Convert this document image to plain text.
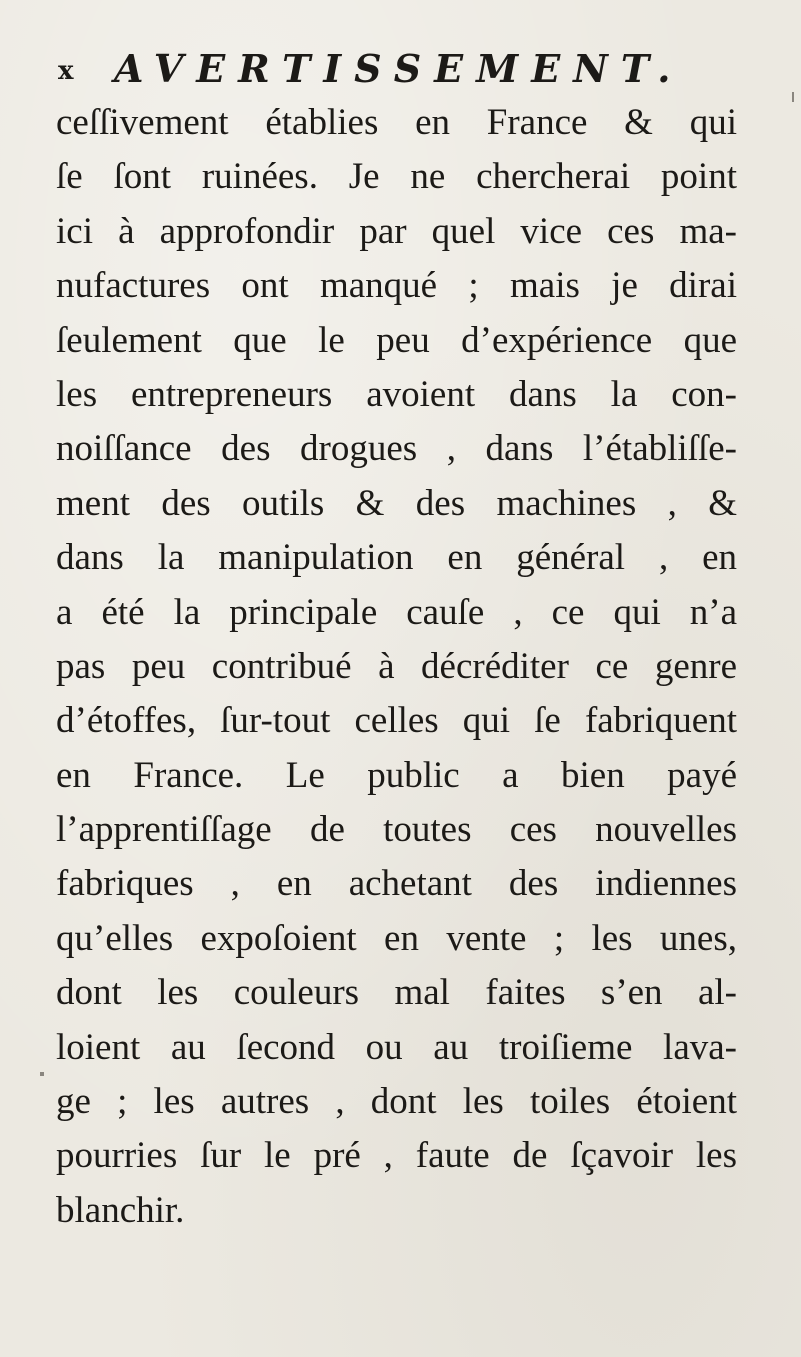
x AVERTISSEMENT.
ceſſivement établies en France & qui
ſe ſont ruinées. Je ne chercherai point
ici à approfondir par quel vice ces ma-
nufactures ont manqué ; mais je dirai
ſeulement que le peu d’expérience que
les entrepreneurs avoient dans la con-
noiſſance des drogues , dans l’établiſſe-
ment des outils & des machines , &
dans la manipulation en général , en
a été la principale cauſe , ce qui n’a
pas peu contribué à décréditer ce genre
d’étoffes, ſur-tout celles qui ſe fabriquent
en France. Le public a bien payé
l’apprentiſſage de toutes ces nouvelles
fabriques , en achetant des indiennes
qu’elles expoſoient en vente ; les unes,
dont les couleurs mal faites s’en al-
loient au ſecond ou au troiſieme lava-
ge ; les autres , dont les toiles étoient
pourries ſur le pré , faute de ſçavoir les
blanchir.
